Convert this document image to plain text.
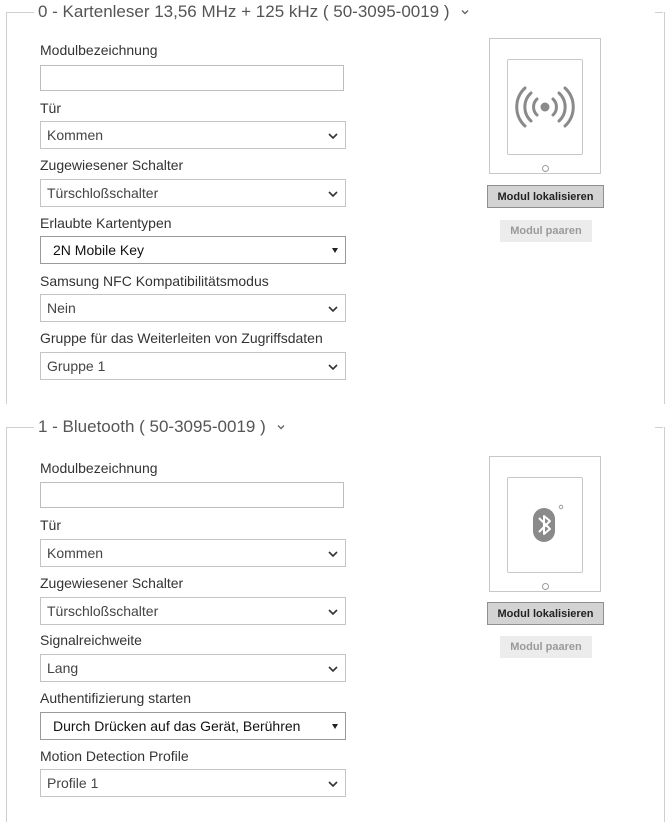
0 - Kartenleser 13,56 MHz + 125 kHz ( 50-3095-0019 )
Modulbezeichnung
Tür
Kommen
Zugewiesener Schalter
Türschloßschalter
Erlaubte Kartentypen
2N Mobile Key
Samsung NFC Kompatibilitätsmodus
Nein
Gruppe für das Weiterleiten von Zugriffsdaten
Gruppe 1
Modul lokalisieren
Modul paaren
1 - Bluetooth ( 50-3095-0019 )
Modulbezeichnung
Tür
Kommen
Zugewiesener Schalter
Türschloßschalter
Signalreichweite
Lang
Authentifizierung starten
Durch Drücken auf das Gerät, Berühren
Motion Detection Profile
Profile 1
Modul lokalisieren
Modul paaren
